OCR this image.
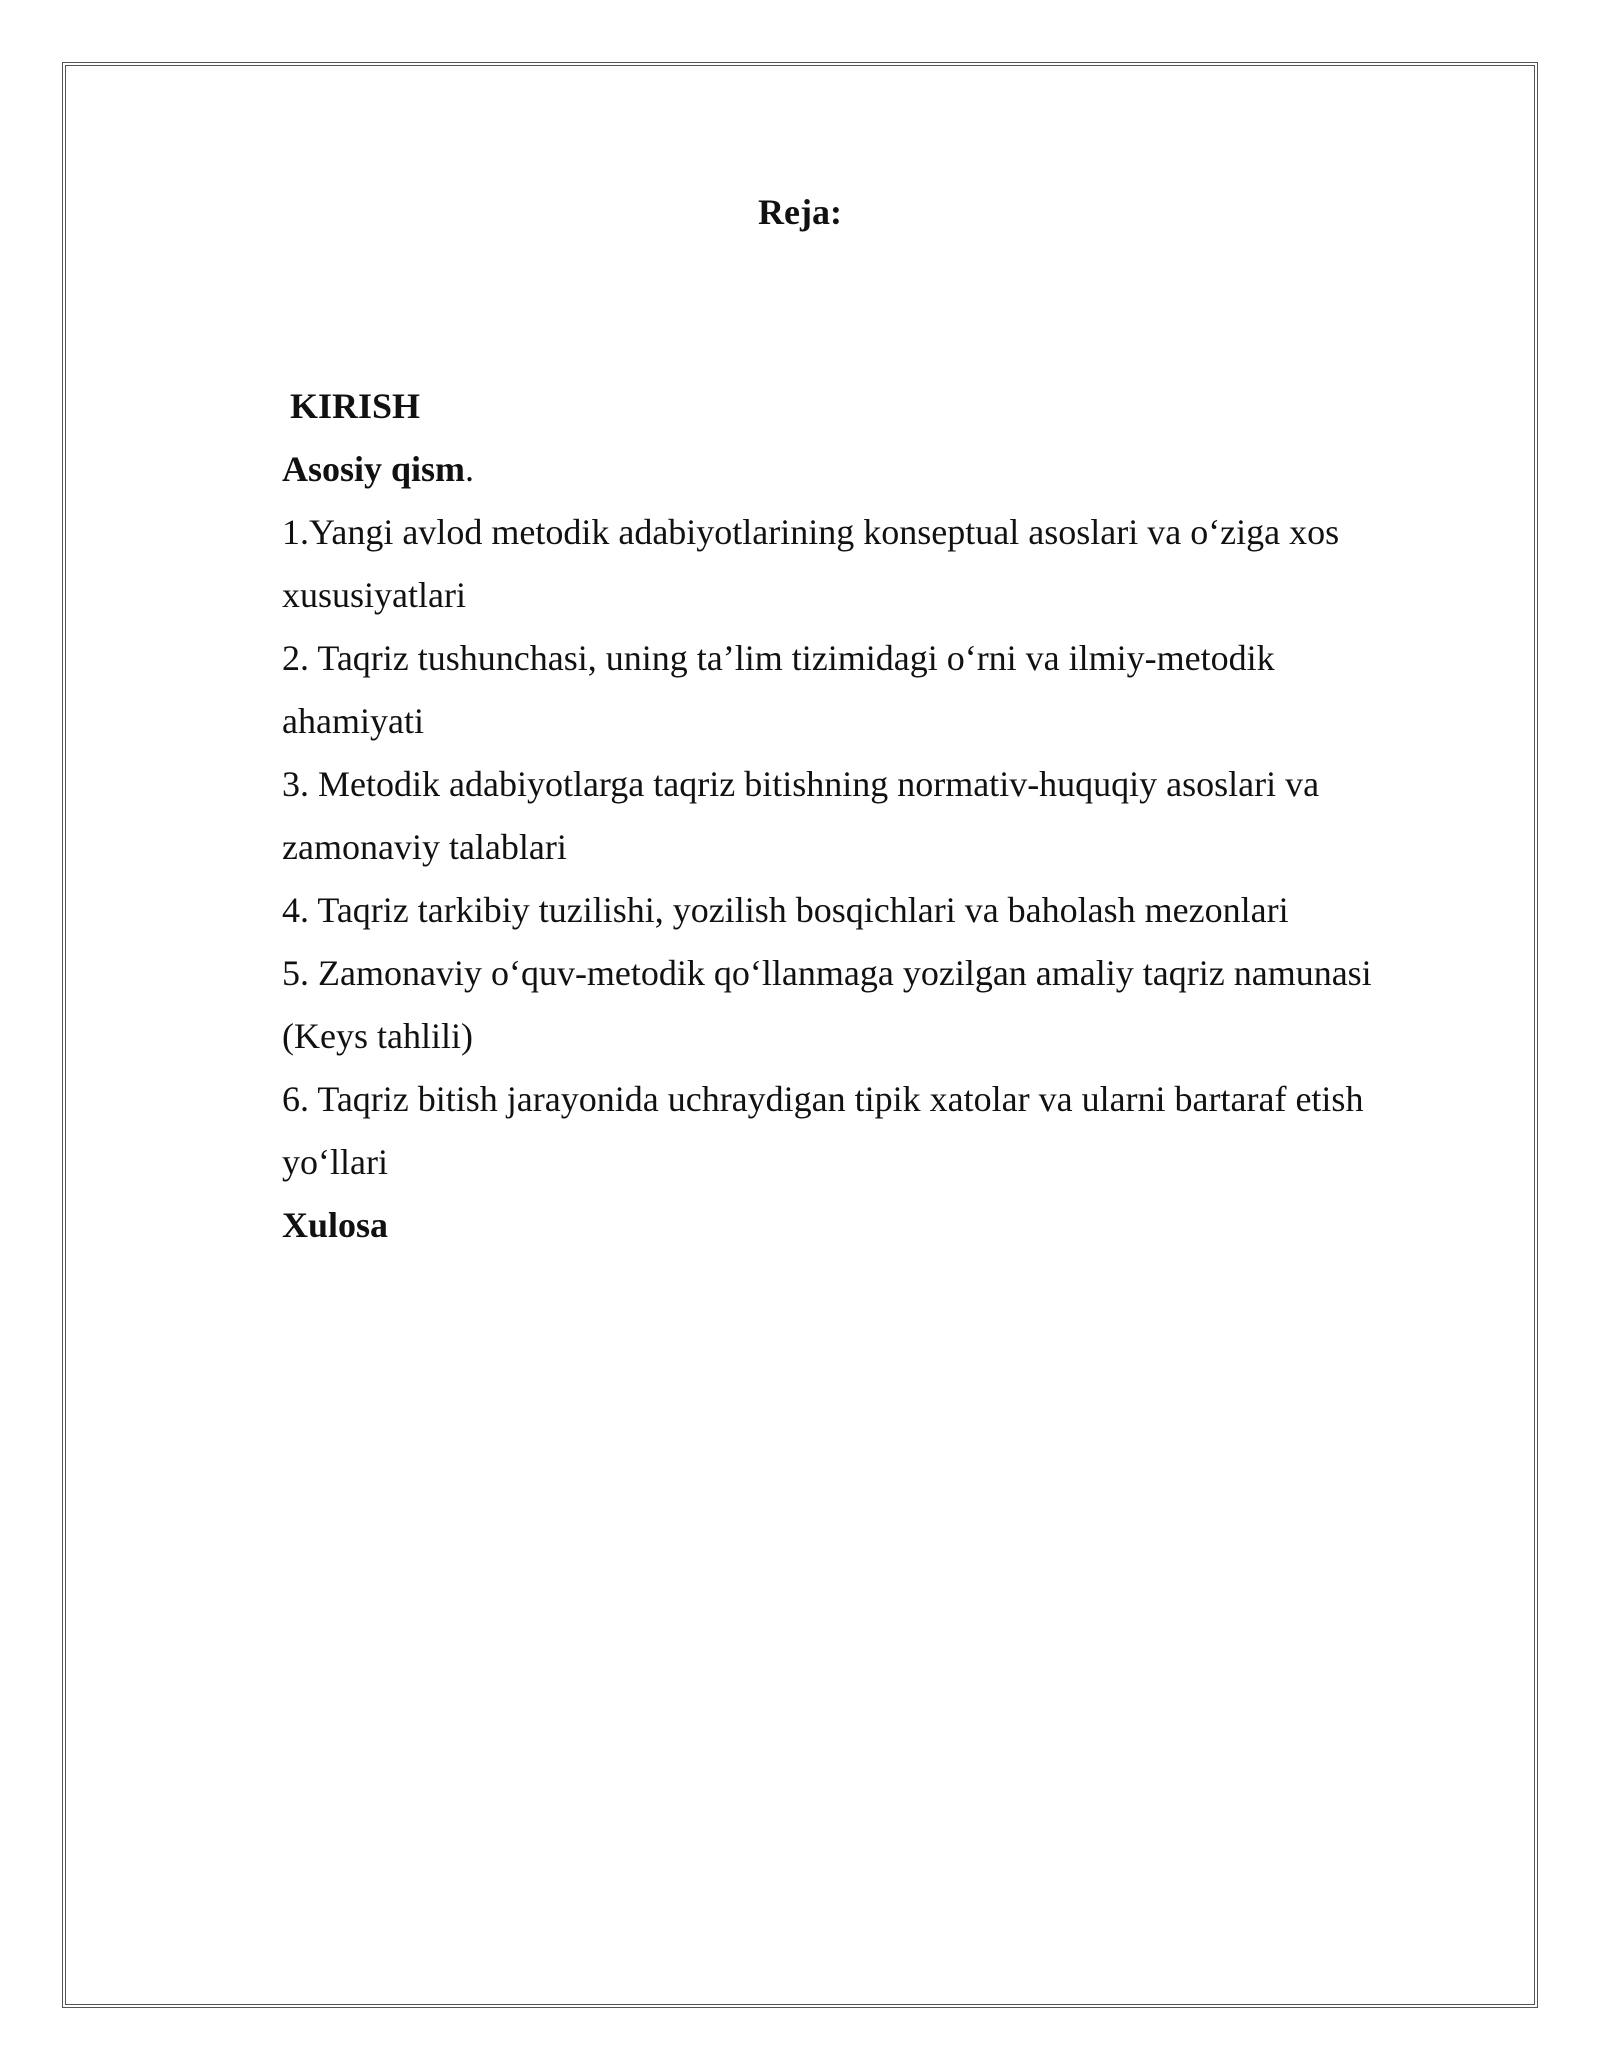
Reja:
KIRISH
Asosiy qism.
1.Yangi avlod metodik adabiyotlarining konseptual asoslari va o‘ziga xos
xususiyatlari
2. Taqriz tushunchasi, uning ta’lim tizimidagi o‘rni va ilmiy-metodik
ahamiyati
3. Metodik adabiyotlarga taqriz bitishning normativ-huquqiy asoslari va
zamonaviy talablari
4. Taqriz tarkibiy tuzilishi, yozilish bosqichlari va baholash mezonlari
5. Zamonaviy o‘quv-metodik qo‘llanmaga yozilgan amaliy taqriz namunasi
(Keys tahlili)
6. Taqriz bitish jarayonida uchraydigan tipik xatolar va ularni bartaraf etish
yo‘llari
Xulosa
